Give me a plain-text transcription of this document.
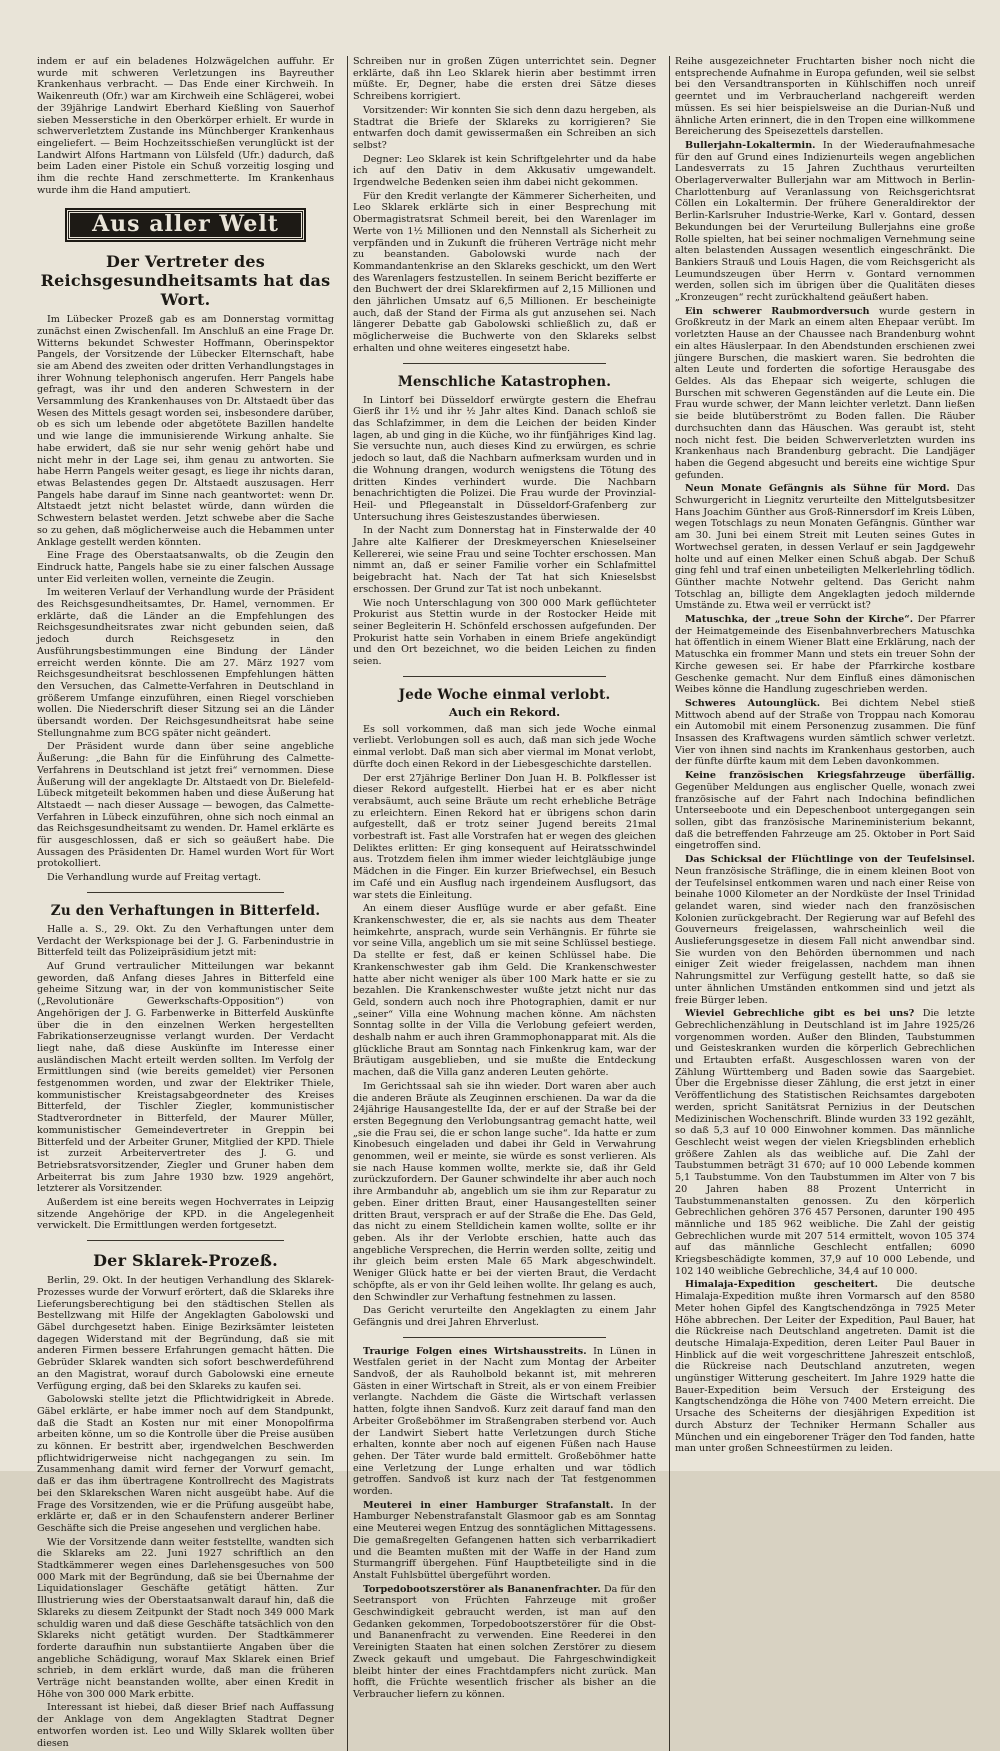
indem er auf ein beladenes Holzwägelchen auffuhr. Er wurde mit schweren Verletzungen ins Bayreuther Krankenhaus verbracht. — Das Ende einer Kirchweih. In Waikenreuth (Ofr.) war am Kirchweih eine Schlägerei, wobei der 39jährige Landwirt Eberhard Kießling von Sauerhof sieben Messerstiche in den Oberkörper erhielt. Er wurde in schwerverletztem Zustande ins Münchberger Krankenhaus eingeliefert. — Beim Hochzeitsschießen verunglückt ist der Landwirt Alfons Hartmann von Lülsfeld (Ufr.) dadurch, daß beim Laden einer Pistole ein Schuß vorzeitig losging und ihm die rechte Hand zerschmetterte. Im Krankenhaus wurde ihm die Hand amputiert.

Aus aller Welt
Der Vertreter des Reichsgesundheitsamts hat das Wort.

Im Lübecker Prozeß gab es am Donnerstag vormittag zunächst einen Zwischenfall. Im Anschluß an eine Frage Dr. Witterns bekundet Schwester Hoffmann, Oberinspektor Pangels, der Vorsitzende der Lübecker Elternschaft, habe sie am Abend des zweiten oder dritten Verhandlungstages in ihrer Wohnung telephonisch angerufen. Herr Pangels habe gefragt, was ihr und den anderen Schwestern in der Versammlung des Krankenhauses von Dr. Altstaedt über das Wesen des Mittels gesagt worden sei, insbesondere darüber, ob es sich um lebende oder abgetötete Bazillen handelte und wie lange die immunisierende Wirkung anhalte. Sie habe erwidert, daß sie nur sehr wenig gehört habe und nicht mehr in der Lage sei, ihm genau zu antworten. Sie habe Herrn Pangels weiter gesagt, es liege ihr nichts daran, etwas Belastendes gegen Dr. Altstaedt auszusagen. Herr Pangels habe darauf im Sinne nach geantwortet: wenn Dr. Altstaedt jetzt nicht belastet würde, dann würden die Schwestern belastet werden. Jetzt schwebe aber die Sache so zu gehen, daß möglicherweise auch die Hebammen unter Anklage gestellt werden könnten.

Eine Frage des Oberstaatsanwalts, ob die Zeugin den Eindruck hatte, Pangels habe sie zu einer falschen Aussage unter Eid verleiten wollen, verneinte die Zeugin.

Im weiteren Verlauf der Verhandlung wurde der Präsident des Reichsgesundheitsamtes, Dr. Hamel, vernommen. Er erklärte, daß die Länder an die Empfehlungen des Reichsgesundheitsrates zwar nicht gebunden seien, daß jedoch durch Reichsgesetz in den Ausführungsbestimmungen eine Bindung der Länder erreicht werden könnte. Die am 27. März 1927 vom Reichsgesundheitsrat beschlossenen Empfehlungen hätten den Versuchen, das Calmette-Verfahren in Deutschland in größerem Umfange einzuführen, einen Riegel vorschieben wollen. Die Niederschrift dieser Sitzung sei an die Länder übersandt worden. Der Reichsgesundheitsrat habe seine Stellungnahme zum BCG später nicht geändert.

Der Präsident wurde dann über seine angebliche Äußerung: „die Bahn für die Einführung des Calmette-Verfahrens in Deutschland ist jetzt frei“ vernommen. Diese Äußerung will der angeklagte Dr. Altstaedt von Dr. Bielefeld-Lübeck mitgeteilt bekommen haben und diese Äußerung hat Altstaedt — nach dieser Aussage — bewogen, das Calmette-Verfahren in Lübeck einzuführen, ohne sich noch einmal an das Reichsgesundheitsamt zu wenden. Dr. Hamel erklärte es für ausgeschlossen, daß er sich so geäußert habe. Die Aussagen des Präsidenten Dr. Hamel wurden Wort für Wort protokolliert.

Die Verhandlung wurde auf Freitag vertagt.

Zu den Verhaftungen in Bitterfeld.

Halle a. S., 29. Okt. Zu den Verhaftungen unter dem Verdacht der Werkspionage bei der J. G. Farbenindustrie in Bitterfeld teilt das Polizeipräsidium jetzt mit:

Auf Grund vertraulicher Mitteilungen war bekannt geworden, daß Anfang dieses Jahres in Bitterfeld eine geheime Sitzung war, in der von kommunistischer Seite („Revolutionäre Gewerkschafts-Opposition“) von Angehörigen der J. G. Farbenwerke in Bitterfeld Auskünfte über die in den einzelnen Werken hergestellten Fabrikationserzeugnisse verlangt wurden. Der Verdacht liegt nahe, daß diese Auskünfte im Interesse einer ausländischen Macht erteilt werden sollten. Im Verfolg der Ermittlungen sind (wie bereits gemeldet) vier Personen festgenommen worden, und zwar der Elektriker Thiele, kommunistischer Kreistagsabgeordneter des Kreises Bitterfeld, der Tischler Ziegler, kommunistischer Stadtverordneter in Bitterfeld, der Maurer Müller, kommunistischer Gemeindevertreter in Greppin bei Bitterfeld und der Arbeiter Gruner, Mitglied der KPD. Thiele ist zurzeit Arbeitervertreter des J. G. und Betriebsratsvorsitzender, Ziegler und Gruner haben dem Arbeiterrat bis zum Jahre 1930 bzw. 1929 angehört, letzterer als Vorsitzender.

Außerdem ist eine bereits wegen Hochverrates in Leipzig sitzende Angehörige der KPD. in die Angelegenheit verwickelt. Die Ermittlungen werden fortgesetzt.

Der Sklarek-Prozeß.

Berlin, 29. Okt. In der heutigen Verhandlung des Sklarek-Prozesses wurde der Vorwurf erörtert, daß die Sklareks ihre Lieferungsberechtigung bei den städtischen Stellen als Bestellzwang mit Hilfe der Angeklagten Gabolowski und Gäbel durchgesetzt haben. Einige Bezirksämter leisteten dagegen Widerstand mit der Begründung, daß sie mit anderen Firmen bessere Erfahrungen gemacht hätten. Die Gebrüder Sklarek wandten sich sofort beschwerdeführend an den Magistrat, worauf durch Gabolowski eine erneute Verfügung erging, daß bei den Sklareks zu kaufen sei.

Gabolowski stellte jetzt die Pflichtwidrigkeit in Abrede. Gäbel erklärte, er habe immer noch auf dem Standpunkt, daß die Stadt an Kosten nur mit einer Monopolfirma arbeiten könne, um so die Kontrolle über die Preise ausüben zu können. Er bestritt aber, irgendwelchen Beschwerden pflichtwidrigerweise nicht nachgegangen zu sein. Im Zusammenhang damit wird ferner der Vorwurf gemacht, daß er das ihm übertragene Kontrollrecht des Magistrats bei den Sklarekschen Waren nicht ausgeübt habe. Auf die Frage des Vorsitzenden, wie er die Prüfung ausgeübt habe, erklärte er, daß er in den Schaufenstern anderer Berliner Geschäfte sich die Preise angesehen und verglichen habe.

Wie der Vorsitzende dann weiter feststellte, wandten sich die Sklareks am 22. Juni 1927 schriftlich an den Stadtkämmerer wegen eines Darlehensgesuches von 500 000 Mark mit der Begründung, daß sie bei Übernahme der Liquidationslager Geschäfte getätigt hätten. Zur Illustrierung wies der Oberstaatsanwalt darauf hin, daß die Sklareks zu diesem Zeitpunkt der Stadt noch 349 000 Mark schuldig waren und daß diese Geschäfte tatsächlich von den Sklareks nicht getätigt wurden. Der Stadtkämmerer forderte daraufhin nun substantiierte Angaben über die angebliche Schädigung, worauf Max Sklarek einen Brief schrieb, in dem erklärt wurde, daß man die früheren Verträge nicht beanstanden wollte, aber einen Kredit in Höhe von 300 000 Mark erbitte.

Interessant ist hiebei, daß dieser Brief nach Auffassung der Anklage von dem Angeklagten Stadtrat Degner entworfen worden ist. Leo und Willy Sklarek wollten über diesen

Schreiben nur in großen Zügen unterrichtet sein. Degner erklärte, daß ihn Leo Sklarek hierin aber bestimmt irren müßte. Er, Degner, habe die ersten drei Sätze dieses Schreibens korrigiert.

Vorsitzender: Wir konnten Sie sich denn dazu hergeben, als Stadtrat die Briefe der Sklareks zu korrigieren? Sie entwarfen doch damit gewissermaßen ein Schreiben an sich selbst?

Degner: Leo Sklarek ist kein Schriftgelehrter und da habe ich auf den Dativ in dem Akkusativ umgewandelt. Irgendwelche Bedenken seien ihm dabei nicht gekommen.

Für den Kredit verlangte der Kämmerer Sicherheiten, und Leo Sklarek erklärte sich in einer Besprechung mit Obermagistratsrat Schmeil bereit, bei den Warenlager im Werte von 1½ Millionen und den Nennstall als Sicherheit zu verpfänden und in Zukunft die früheren Verträge nicht mehr zu beanstanden. Gabolowski wurde nach der Kommandantenkrise an den Sklareks geschickt, um den Wert des Warenlagers festzustellen. In seinem Bericht bezifferte er den Buchwert der drei Sklarekfirmen auf 2,15 Millionen und den jährlichen Umsatz auf 6,5 Millionen. Er bescheinigte auch, daß der Stand der Firma als gut anzusehen sei. Nach längerer Debatte gab Gabolowski schließlich zu, daß er möglicherweise die Buchwerte von den Sklareks selbst erhalten und ohne weiteres eingesetzt habe.

Menschliche Katastrophen.

In Lintorf bei Düsseldorf erwürgte gestern die Ehefrau Gierß ihr 1½ und ihr ½ Jahr altes Kind. Danach schloß sie das Schlafzimmer, in dem die Leichen der beiden Kinder lagen, ab und ging in die Küche, wo ihr fünfjähriges Kind lag. Sie versuchte nun, auch dieses Kind zu erwürgen, es schrie jedoch so laut, daß die Nachbarn aufmerksam wurden und in die Wohnung drangen, wodurch wenigstens die Tötung des dritten Kindes verhindert wurde. Die Nachbarn benachrichtigten die Polizei. Die Frau wurde der Provinzial-Heil- und Pflegeanstalt in Düsseldorf-Grafenberg zur Untersuchung ihres Geisteszustandes überwiesen.

In der Nacht zum Donnerstag hat in Finsterwalde der 40 Jahre alte Kalfierer der Dreskmeyerschen Knieselseiner Kellererei, wie seine Frau und seine Tochter erschossen. Man nimmt an, daß er seiner Familie vorher ein Schlafmittel beigebracht hat. Nach der Tat hat sich Knieselsbst erschossen. Der Grund zur Tat ist noch unbekannt.

Wie noch Unterschlagung von 300 000 Mark geflüchteter Prokurist aus Stettin wurde in der Rostocker Heide mit seiner Begleiterin H. Schönfeld erschossen aufgefunden. Der Prokurist hatte sein Vorhaben in einem Briefe angekündigt und den Ort bezeichnet, wo die beiden Leichen zu finden seien.

Jede Woche einmal verlobt.
Auch ein Rekord.

Es soll vorkommen, daß man sich jede Woche einmal verliebt. Verlobungen soll es auch, daß man sich jede Woche einmal verlobt. Daß man sich aber viermal im Monat verlobt, dürfte doch einen Rekord in der Liebesgeschichte darstellen.

Der erst 27jährige Berliner Don Juan H. B. Polkflesser ist dieser Rekord aufgestellt. Hierbei hat er es aber nicht verabsäumt, auch seine Bräute um recht erhebliche Beträge zu erleichtern. Einen Rekord hat er übrigens schon darin aufgestellt, daß er trotz seiner Jugend bereits 21mal vorbestraft ist. Fast alle Vorstrafen hat er wegen des gleichen Deliktes erlitten: Er ging konsequent auf Heiratsschwindel aus. Trotzdem fielen ihm immer wieder leichtgläubige junge Mädchen in die Finger. Ein kurzer Briefwechsel, ein Besuch im Café und ein Ausflug nach irgendeinem Ausflugsort, das war stets die Einleitung.

An einem dieser Ausflüge wurde er aber gefaßt. Eine Krankenschwester, die er, als sie nachts aus dem Theater heimkehrte, ansprach, wurde sein Verhängnis. Er führte sie vor seine Villa, angeblich um sie mit seine Schlüssel bestiege. Da stellte er fest, daß er keinen Schlüssel habe. Die Krankenschwester gab ihm Geld. Die Krankenschwester hatte aber nicht weniger als über 100 Mark hatte er sie zu bezahlen. Die Krankenschwester wußte jetzt nicht nur das Geld, sondern auch noch ihre Photographien, damit er nur „seiner“ Villa eine Wohnung machen könne. Am nächsten Sonntag sollte in der Villa die Verlobung gefeiert werden, deshalb nahm er auch ihren Grammophonapparat mit. Als die glückliche Braut am Sonntag nach Finkenkrug kam, war der Bräutigam ausgeblieben, und sie mußte die Entdeckung machen, daß die Villa ganz anderen Leuten gehörte.

Im Gerichtssaal sah sie ihn wieder. Dort waren aber auch die anderen Bräute als Zeuginnen erschienen. Da war da die 24jährige Hausangestellte Ida, der er auf der Straße bei der ersten Begegnung den Verlobungsantrag gemacht hatte, weil „sie die Frau sei, die er schon lange suche“. Ida hatte er zum Kinobesuch eingeladen und dabei ihr Geld in Verwahrung genommen, weil er meinte, sie würde es sonst verlieren. Als sie nach Hause kommen wollte, merkte sie, daß ihr Geld zurückzufordern. Der Gauner schwindelte ihr aber auch noch ihre Armbanduhr ab, angeblich um sie ihm zur Reparatur zu geben. Einer dritten Braut, einer Hausangestellten seiner dritten Braut, versprach er auf der Straße die Ehe. Das Geld, das nicht zu einem Stelldichein kamen wollte, sollte er ihr geben. Als ihr der Verlobte erschien, hatte auch das angebliche Versprechen, die Herrin werden sollte, zeitig und ihr gleich beim ersten Male 65 Mark abgeschwindelt. Weniger Glück hatte er bei der vierten Braut, die Verdacht schöpfte, als er von ihr Geld leihen wollte. Ihr gelang es auch, den Schwindler zur Verhaftung festnehmen zu lassen.

Das Gericht verurteilte den Angeklagten zu einem Jahr Gefängnis und drei Jahren Ehrverlust.

Traurige Folgen eines Wirtshausstreits. In Lünen in Westfalen geriet in der Nacht zum Montag der Arbeiter Sandvoß, der als Rauholbold bekannt ist, mit mehreren Gästen in einer Wirtschaft in Streit, als er von einem Freibier verlangte. Nachdem die Gäste die Wirtschaft verlassen hatten, folgte ihnen Sandvoß. Kurz zeit darauf fand man den Arbeiter Großeböhmer im Straßengraben sterbend vor. Auch der Landwirt Siebert hatte Verletzungen durch Stiche erhalten, konnte aber noch auf eigenen Füßen nach Hause gehen. Der Täter wurde bald ermittelt. Großeböhmer hatte eine Verletzung der Lunge erhalten und war tödlich getroffen. Sandvoß ist kurz nach der Tat festgenommen worden.

Meuterei in einer Hamburger Strafanstalt. In der Hamburger Nebenstrafanstalt Glasmoor gab es am Sonntag eine Meuterei wegen Entzug des sonntäglichen Mittagessens. Die gemaßregelten Gefangenen hatten sich verbarrikadiert und die Beamten mußten mit der Waffe in der Hand zum Sturmangriff übergehen. Fünf Hauptbeteiligte sind in die Anstalt Fuhlsbüttel übergeführt worden.

Torpedobootszerstörer als Bananenfrachter. Da für den Seetransport von Früchten Fahrzeuge mit großer Geschwindigkeit gebraucht werden, ist man auf den Gedanken gekommen, Torpedobootszerstörer für die Obst- und Bananenfracht zu verwenden. Eine Reederei in den Vereinigten Staaten hat einen solchen Zerstörer zu diesem Zweck gekauft und umgebaut. Die Fahrgeschwindigkeit bleibt hinter der eines Frachtdampfers nicht zurück. Man hofft, die Früchte wesentlich frischer als bisher an die Verbraucher liefern zu können.

Reihe ausgezeichneter Fruchtarten bisher noch nicht die entsprechende Aufnahme in Europa gefunden, weil sie selbst bei den Versandtransporten in Kühlschiffen noch unreif geerntet und im Verbraucherland nachgereift werden müssen. Es sei hier beispielsweise an die Durian-Nuß und ähnliche Arten erinnert, die in den Tropen eine willkommene Bereicherung des Speisezettels darstellen.

Bullerjahn-Lokaltermin. In der Wiederaufnahmesache für den auf Grund eines Indizienurteils wegen angeblichen Landesverrats zu 15 Jahren Zuchthaus verurteilten Oberlagerverwalter Bullerjahn war am Mittwoch in Berlin-Charlottenburg auf Veranlassung von Reichsgerichtsrat Cöllen ein Lokaltermin. Der frühere Generaldirektor der Berlin-Karlsruher Industrie-Werke, Karl v. Gontard, dessen Bekundungen bei der Verurteilung Bullerjahns eine große Rolle spielten, hat bei seiner nochmaligen Vernehmung seine alten belastenden Aussagen wesentlich eingeschränkt. Die Bankiers Strauß und Louis Hagen, die vom Reichsgericht als Leumundszeugen über Herrn v. Gontard vernommen werden, sollen sich im übrigen über die Qualitäten dieses „Kronzeugen“ recht zurückhaltend geäußert haben.

Ein schwerer Raubmordversuch wurde gestern in Großkreutz in der Mark an einem alten Ehepaar verübt. Im vorletzten Hause an der Chaussee nach Brandenburg wohnt ein altes Häuslerpaar. In den Abendstunden erschienen zwei jüngere Burschen, die maskiert waren. Sie bedrohten die alten Leute und forderten die sofortige Herausgabe des Geldes. Als das Ehepaar sich weigerte, schlugen die Burschen mit schweren Gegenständen auf die Leute ein. Die Frau wurde schwer, der Mann leichter verletzt. Dann ließen sie beide blutüberströmt zu Boden fallen. Die Räuber durchsuchten dann das Häuschen. Was geraubt ist, steht noch nicht fest. Die beiden Schwerverletzten wurden ins Krankenhaus nach Brandenburg gebracht. Die Landjäger haben die Gegend abgesucht und bereits eine wichtige Spur gefunden.

Neun Monate Gefängnis als Sühne für Mord. Das Schwurgericht in Liegnitz verurteilte den Mittelgutsbesitzer Hans Joachim Günther aus Groß-Rinnersdorf im Kreis Lüben, wegen Totschlags zu neun Monaten Gefängnis. Günther war am 30. Juni bei einem Streit mit Leuten seines Gutes in Wortwechsel geraten, in dessen Verlauf er sein Jagdgewehr holte und auf einen Melker einen Schuß abgab. Der Schuß ging fehl und traf einen unbeteiligten Melkerlehrling tödlich. Günther machte Notwehr geltend. Das Gericht nahm Totschlag an, billigte dem Angeklagten jedoch mildernde Umstände zu. Etwa weil er verrückt ist?

Matuschka, der „treue Sohn der Kirche“. Der Pfarrer der Heimatgemeinde des Eisenbahnverbrechers Matuschka hat öffentlich in einem Wiener Blatt eine Erklärung, nach der Matuschka ein frommer Mann und stets ein treuer Sohn der Kirche gewesen sei. Er habe der Pfarrkirche kostbare Geschenke gemacht. Nur dem Einfluß eines dämonischen Weibes könne die Handlung zugeschrieben werden.

Schweres Autounglück. Bei dichtem Nebel stieß Mittwoch abend auf der Straße von Troppau nach Komorau ein Automobil mit einem Personenzug zusammen. Die fünf Insassen des Kraftwagens wurden sämtlich schwer verletzt. Vier von ihnen sind nachts im Krankenhaus gestorben, auch der fünfte dürfte kaum mit dem Leben davonkommen.

Keine französischen Kriegsfahrzeuge überfällig. Gegenüber Meldungen aus englischer Quelle, wonach zwei französische auf der Fahrt nach Indochina befindlichen Unterseeboote und ein Depeschenboot untergegangen sein sollen, gibt das französische Marineministerium bekannt, daß die betreffenden Fahrzeuge am 25. Oktober in Port Said eingetroffen sind.

Das Schicksal der Flüchtlinge von der Teufelsinsel. Neun französische Sträflinge, die in einem kleinen Boot von der Teufelsinsel entkommen waren und nach einer Reise von beinahe 1000 Kilometer an der Nordküste der Insel Trinidad gelandet waren, sind wieder nach den französischen Kolonien zurückgebracht. Der Regierung war auf Befehl des Gouverneurs freigelassen, wahrscheinlich weil die Auslieferungsgesetze in diesem Fall nicht anwendbar sind. Sie wurden von den Behörden übernommen und nach einiger Zeit wieder freigelassen, nachdem man ihnen Nahrungsmittel zur Verfügung gestellt hatte, so daß sie unter ähnlichen Umständen entkommen sind und jetzt als freie Bürger leben.

Wieviel Gebrechliche gibt es bei uns? Die letzte Gebrechlichenzählung in Deutschland ist im Jahre 1925/26 vorgenommen worden. Außer den Blinden, Taubstummen und Geisteskranken wurden die körperlich Gebrechlichen und Ertaubten erfaßt. Ausgeschlossen waren von der Zählung Württemberg und Baden sowie das Saargebiet. Über die Ergebnisse dieser Zählung, die erst jetzt in einer Veröffentlichung des Statistischen Reichsamtes dargeboten werden, spricht Sanitätsrat Pernizius in der Deutschen Medizinischen Wochenschrift. Blinde wurden 33 192 gezählt, so daß 5,3 auf 10 000 Einwohner kommen. Das männliche Geschlecht weist wegen der vielen Kriegsblinden erheblich größere Zahlen als das weibliche auf. Die Zahl der Taubstummen beträgt 31 670; auf 10 000 Lebende kommen 5,1 Taubstumme. Von den Taubstummen im Alter von 7 bis 20 Jahren haben 88 Prozent Unterricht in Taubstummenanstalten genossen. Zu den körperlich Gebrechlichen gehören 376 457 Personen, darunter 190 495 männliche und 185 962 weibliche. Die Zahl der geistig Gebrechlichen wurde mit 207 514 ermittelt, wovon 105 374 auf das männliche Geschlecht entfallen; 6090 Kriegsbeschädigte kommen, 37,9 auf 10 000 Lebende, und 102 140 weibliche Gebrechliche, 34,4 auf 10 000.

Himalaja-Expedition gescheitert. Die deutsche Himalaja-Expedition mußte ihren Vormarsch auf den 8580 Meter hohen Gipfel des Kangtschendzönga in 7925 Meter Höhe abbrechen. Der Leiter der Expedition, Paul Bauer, hat die Rückreise nach Deutschland angetreten. Damit ist die deutsche Himalaja-Expedition, deren Leiter Paul Bauer in Hinblick auf die weit vorgeschrittene Jahreszeit entschloß, die Rückreise nach Deutschland anzutreten, wegen ungünstiger Witterung gescheitert. Im Jahre 1929 hatte die Bauer-Expedition beim Versuch der Ersteigung des Kangtschendzönga die Höhe von 7400 Metern erreicht. Die Ursache des Scheiterns der diesjährigen Expedition ist durch Absturz der Techniker Hermann Schaller aus München und ein eingeborener Träger den Tod fanden, hatte man unter großen Schneestürmen zu leiden.
